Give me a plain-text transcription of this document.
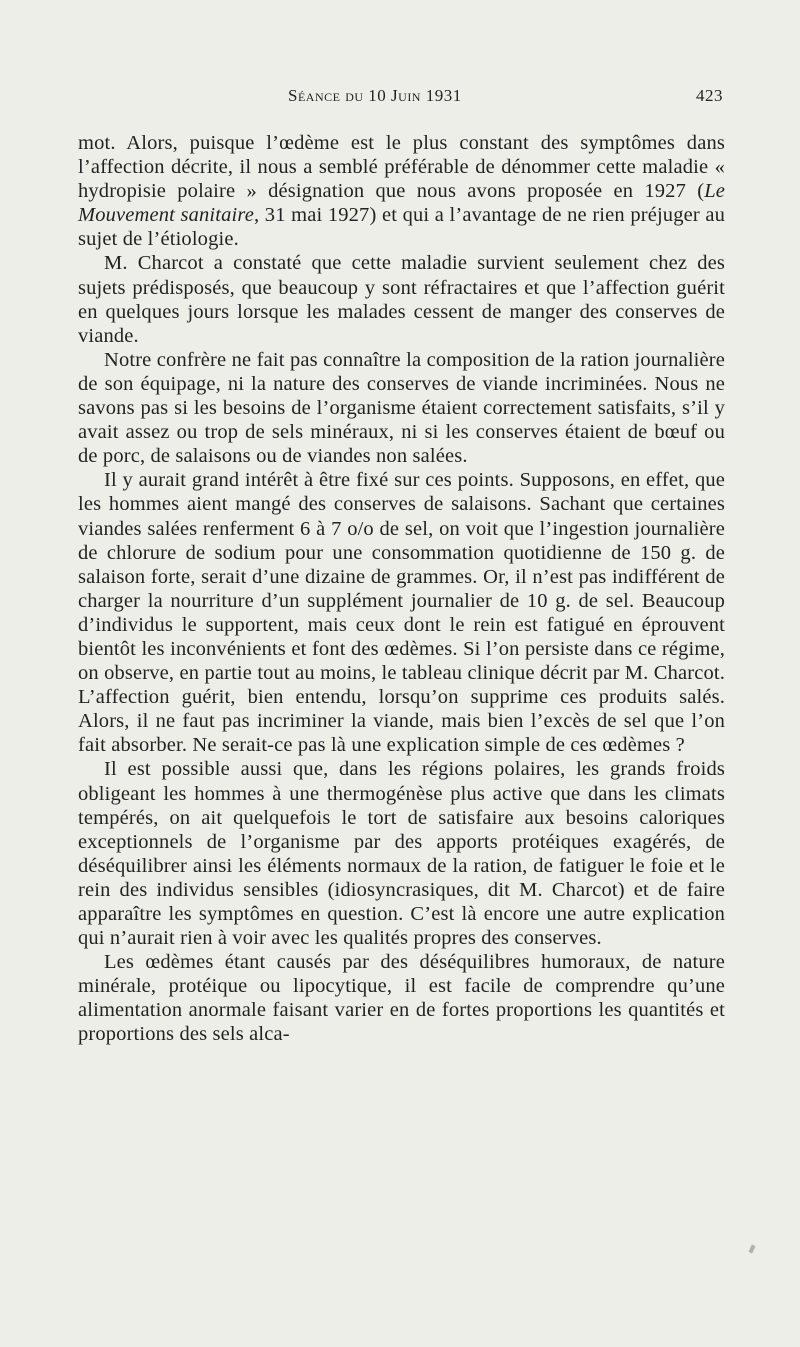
Séance du 10 Juin 1931	423

mot. Alors, puisque l’œdème est le plus constant des symptômes dans l’affection décrite, il nous a semblé préférable de dénommer cette maladie « hydropisie polaire » désignation que nous avons proposée en 1927 (Le Mouvement sanitaire, 31 mai 1927) et qui a l’avantage de ne rien préjuger au sujet de l’étiologie.

M. Charcot a constaté que cette maladie survient seulement chez des sujets prédisposés, que beaucoup y sont réfractaires et que l’affection guérit en quelques jours lorsque les malades cessent de manger des conserves de viande.

Notre confrère ne fait pas connaître la composition de la ration journalière de son équipage, ni la nature des conserves de viande incriminées. Nous ne savons pas si les besoins de l’organisme étaient correctement satisfaits, s’il y avait assez ou trop de sels minéraux, ni si les conserves étaient de bœuf ou de porc, de salaisons ou de viandes non salées.

Il y aurait grand intérêt à être fixé sur ces points. Supposons, en effet, que les hommes aient mangé des conserves de salaisons. Sachant que certaines viandes salées renferment 6 à 7 o/o de sel, on voit que l’ingestion journalière de chlorure de sodium pour une consommation quotidienne de 150 g. de salaison forte, serait d’une dizaine de grammes. Or, il n’est pas indifférent de charger la nourriture d’un supplément journalier de 10 g. de sel. Beaucoup d’individus le supportent, mais ceux dont le rein est fatigué en éprouvent bientôt les inconvénients et font des œdèmes. Si l’on persiste dans ce régime, on observe, en partie tout au moins, le tableau clinique décrit par M. Charcot. L’affection guérit, bien entendu, lorsqu’on supprime ces produits salés. Alors, il ne faut pas incriminer la viande, mais bien l’excès de sel que l’on fait absorber. Ne serait-ce pas là une explication simple de ces œdèmes ?

Il est possible aussi que, dans les régions polaires, les grands froids obligeant les hommes à une thermogénèse plus active que dans les climats tempérés, on ait quelquefois le tort de satisfaire aux besoins caloriques exceptionnels de l’organisme par des apports protéiques exagérés, de déséquilibrer ainsi les éléments normaux de la ration, de fatiguer le foie et le rein des individus sensibles (idiosyncrasiques, dit M. Charcot) et de faire apparaître les symptômes en question. C’est là encore une autre explication qui n’aurait rien à voir avec les qualités propres des conserves.

Les œdèmes étant causés par des déséquilibres humoraux, de nature minérale, protéique ou lipocytique, il est facile de comprendre qu’une alimentation anormale faisant varier en de fortes proportions les quantités et proportions des sels alca-
